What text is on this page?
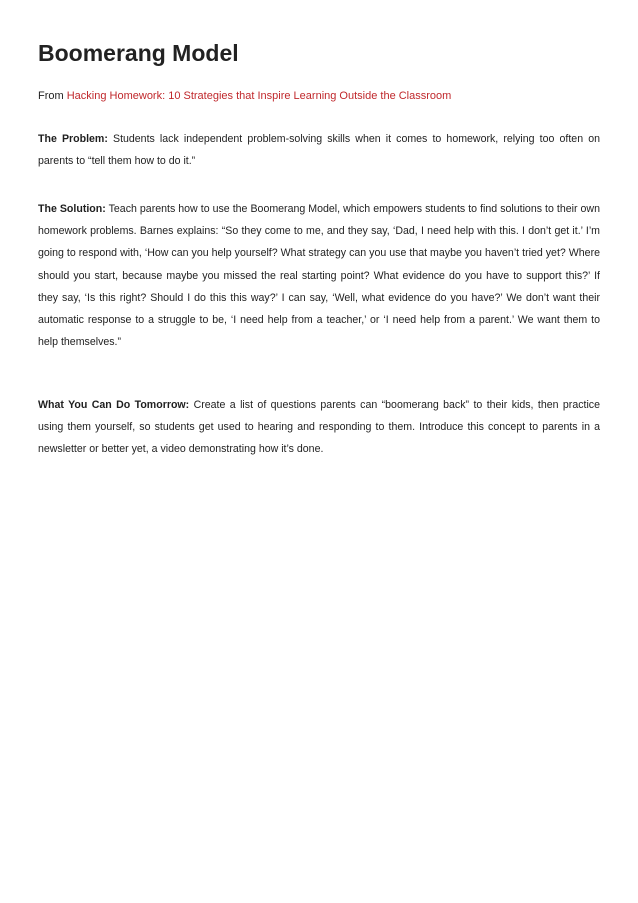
Boomerang Model
From Hacking Homework: 10 Strategies that Inspire Learning Outside the Classroom

The Problem: Students lack independent problem-solving skills when it comes to homework, relying too often on parents to “tell them how to do it.”

The Solution: Teach parents how to use the Boomerang Model, which empowers students to find solutions to their own homework problems. Barnes explains: “So they come to me, and they say, ‘Dad, I need help with this. I don’t get it.’ I’m going to respond with, ‘How can you help yourself? What strategy can you use that maybe you haven’t tried yet? Where should you start, because maybe you missed the real starting point? What evidence do you have to support this?’ If they say, ‘Is this right? Should I do this this way?’ I can say, ‘Well, what evidence do you have?’ We don’t want their automatic response to a struggle to be, ‘I need help from a teacher,’ or ‘I need help from a parent.’ We want them to help themselves.”

What You Can Do Tomorrow: Create a list of questions parents can “boomerang back” to their kids, then practice using them yourself, so students get used to hearing and responding to them. Introduce this concept to parents in a newsletter or better yet, a video demonstrating how it’s done.
